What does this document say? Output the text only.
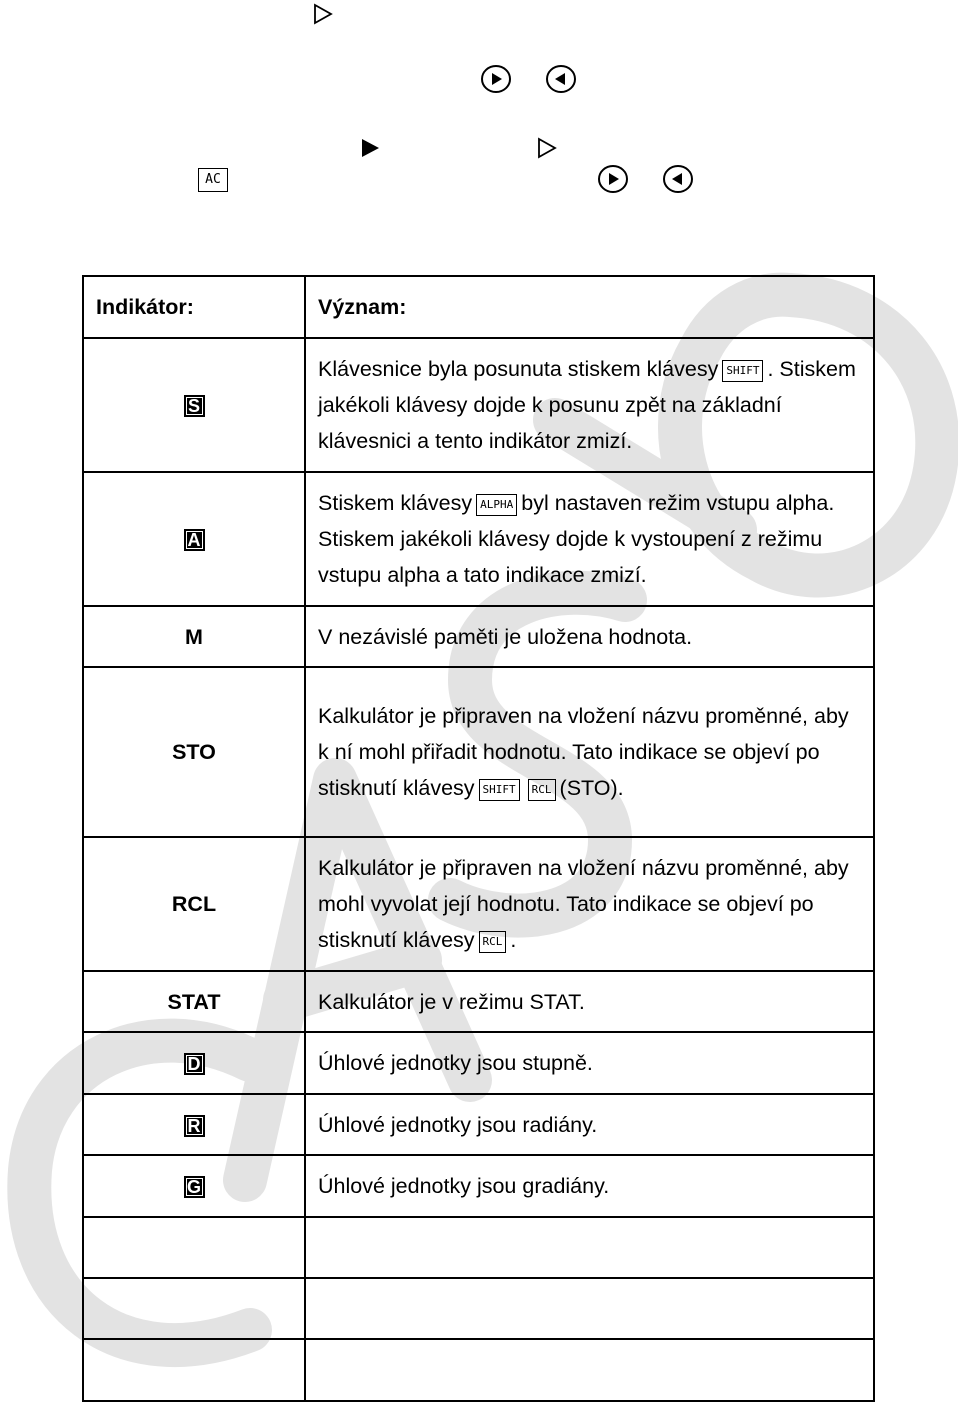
AC
Indikátor:	Význam:
S	Klávesnice byla posunuta stiskem klávesy SHIFT . Stiskem jakékoli klávesy dojde k posunu zpět na základní klávesnici a tento indikátor zmizí.
A	Stiskem klávesy ALPHA byl nastaven režim vstupu alpha. Stiskem jakékoli klávesy dojde k vystoupení z režimu vstupu alpha a tato indikace zmizí.
M	V nezávislé paměti je uložena hodnota.
STO	Kalkulátor je připraven na vložení názvu proměnné, aby k ní mohl přiřadit hodnotu. Tato indikace se objeví po stisknutí klávesy SHIFT RCL (STO).
RCL	Kalkulátor je připraven na vložení názvu proměnné, aby mohl vyvolat její hodnotu. Tato indikace se objeví po stisknutí klávesy RCL .
STAT	Kalkulátor je v režimu STAT.
D	Úhlové jednotky jsou stupně.
R	Úhlové jednotky jsou radiány.
G	Úhlové jednotky jsou gradiány.
